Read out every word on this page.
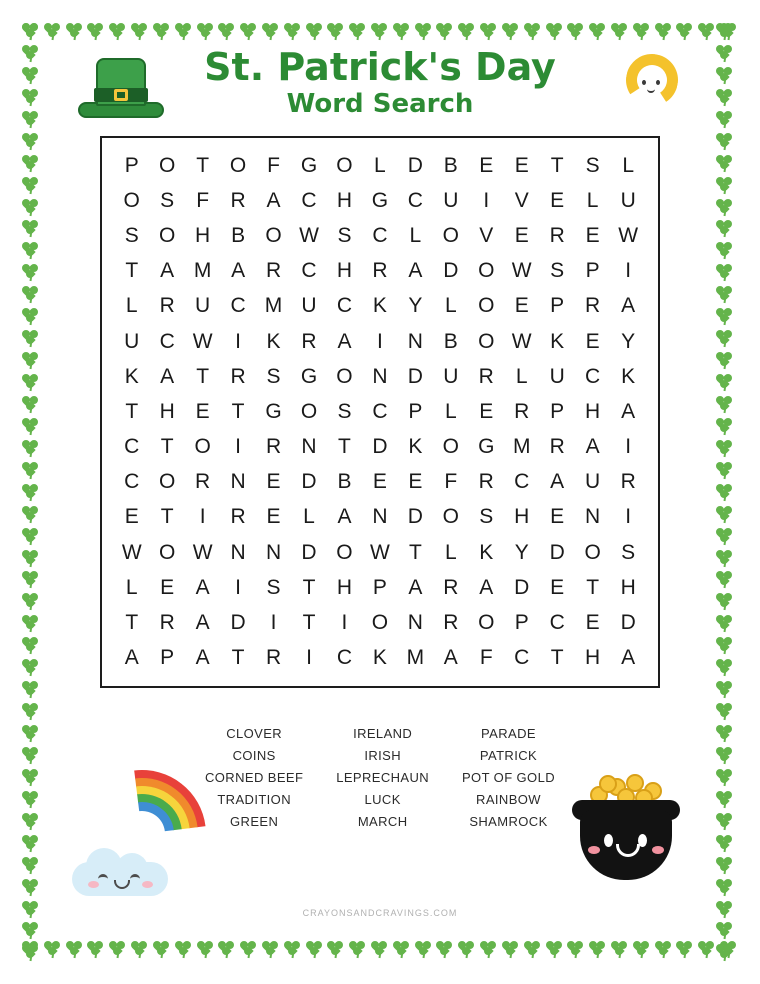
St. Patrick's Day
Word Search
P	O	T	O	F	G	O	L	D	B	E	E	T	S	L
O	S	F	R	A	C	H	G	C	U	I	V	E	L	U
S	O	H	B	O	W	S	C	L	O	V	E	R	E	W
T	A	M	A	R	C	H	R	A	D	O	W	S	P	I
L	R	U	C	M	U	C	K	Y	L	O	E	P	R	A
U	C	W	I	K	R	A	I	N	B	O	W	K	E	Y
K	A	T	R	S	G	O	N	D	U	R	L	U	C	K
T	H	E	T	G	O	S	C	P	L	E	R	P	H	A
C	T	O	I	R	N	T	D	K	O	G	M	R	A	I
C	O	R	N	E	D	B	E	E	F	R	C	A	U	R
E	T	I	R	E	L	A	N	D	O	S	H	E	N	I
W	O	W	N	N	D	O	W	T	L	K	Y	D	O	S
L	E	A	I	S	T	H	P	A	R	A	D	E	T	H
T	R	A	D	I	T	I	O	N	R	O	P	C	E	D
A	P	A	T	R	I	C	K	M	A	F	C	T	H	A
CLOVER
COINS
CORNED BEEF
TRADITION
GREEN
IRELAND
IRISH
LEPRECHAUN
LUCK
MARCH
PARADE
PATRICK
POT OF GOLD
RAINBOW
SHAMROCK
CRAYONSANDCRAVINGS.COM
